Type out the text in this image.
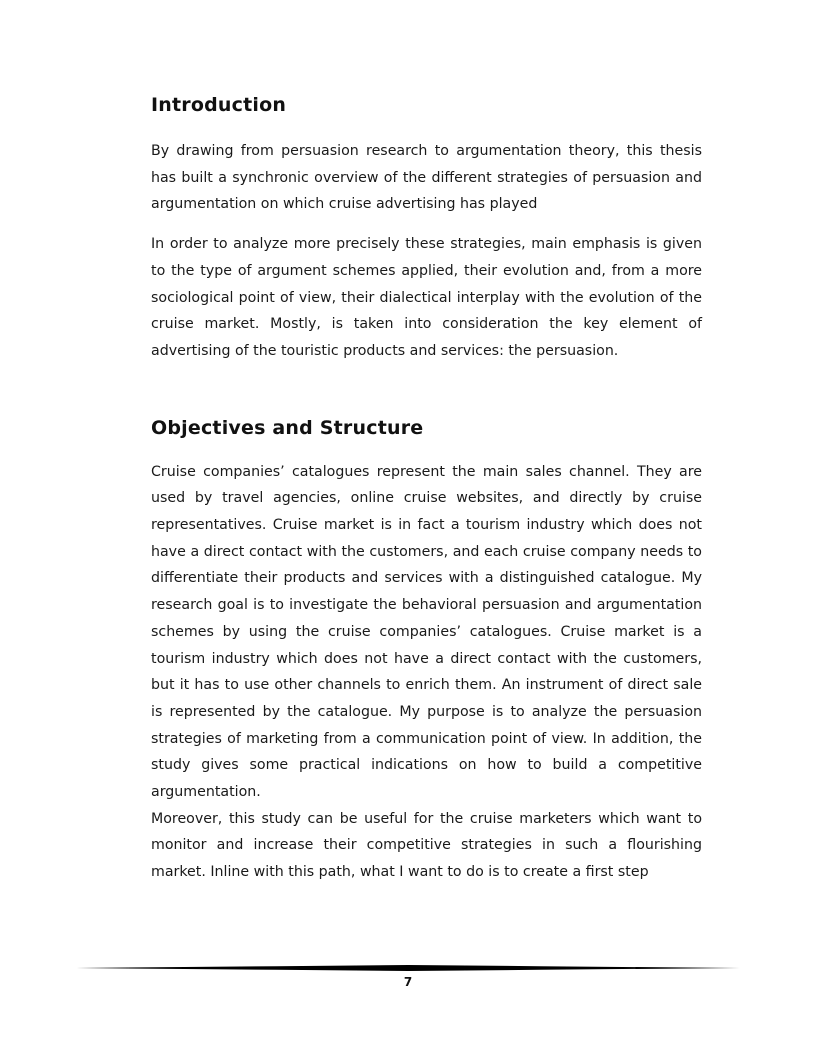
Introduction

By drawing from persuasion research to argumentation theory, this thesis has built a synchronic overview of the different strategies of persuasion and argumentation on which cruise advertising has played

In order to analyze more precisely these strategies, main emphasis is given to the type of argument schemes applied, their evolution and, from a more sociological point of view, their dialectical interplay with the evolution of the cruise market. Mostly, is taken into consideration the key element of advertising of the touristic products and services: the persuasion.

Objectives and Structure

Cruise companies’ catalogues represent the main sales channel. They are used by travel agencies, online cruise websites, and directly by cruise representatives. Cruise market is in fact a tourism industry which does not have a direct contact with the customers, and each cruise company needs to differentiate their products and services with a distinguished catalogue. My research goal is to investigate the behavioral persuasion and argumentation schemes by using the cruise companies’ catalogues. Cruise market is a tourism industry which does not have a direct contact with the customers, but it has to use other channels to enrich them. An instrument of direct sale is represented by the catalogue. My purpose is to analyze the persuasion strategies of marketing from a communication point of view. In addition, the study gives some practical indications on how to build a competitive argumentation.

Moreover, this study can be useful for the cruise marketers which want to monitor and increase their competitive strategies in such a flourishing market. Inline with this path, what I want to do is to create a first step

7
